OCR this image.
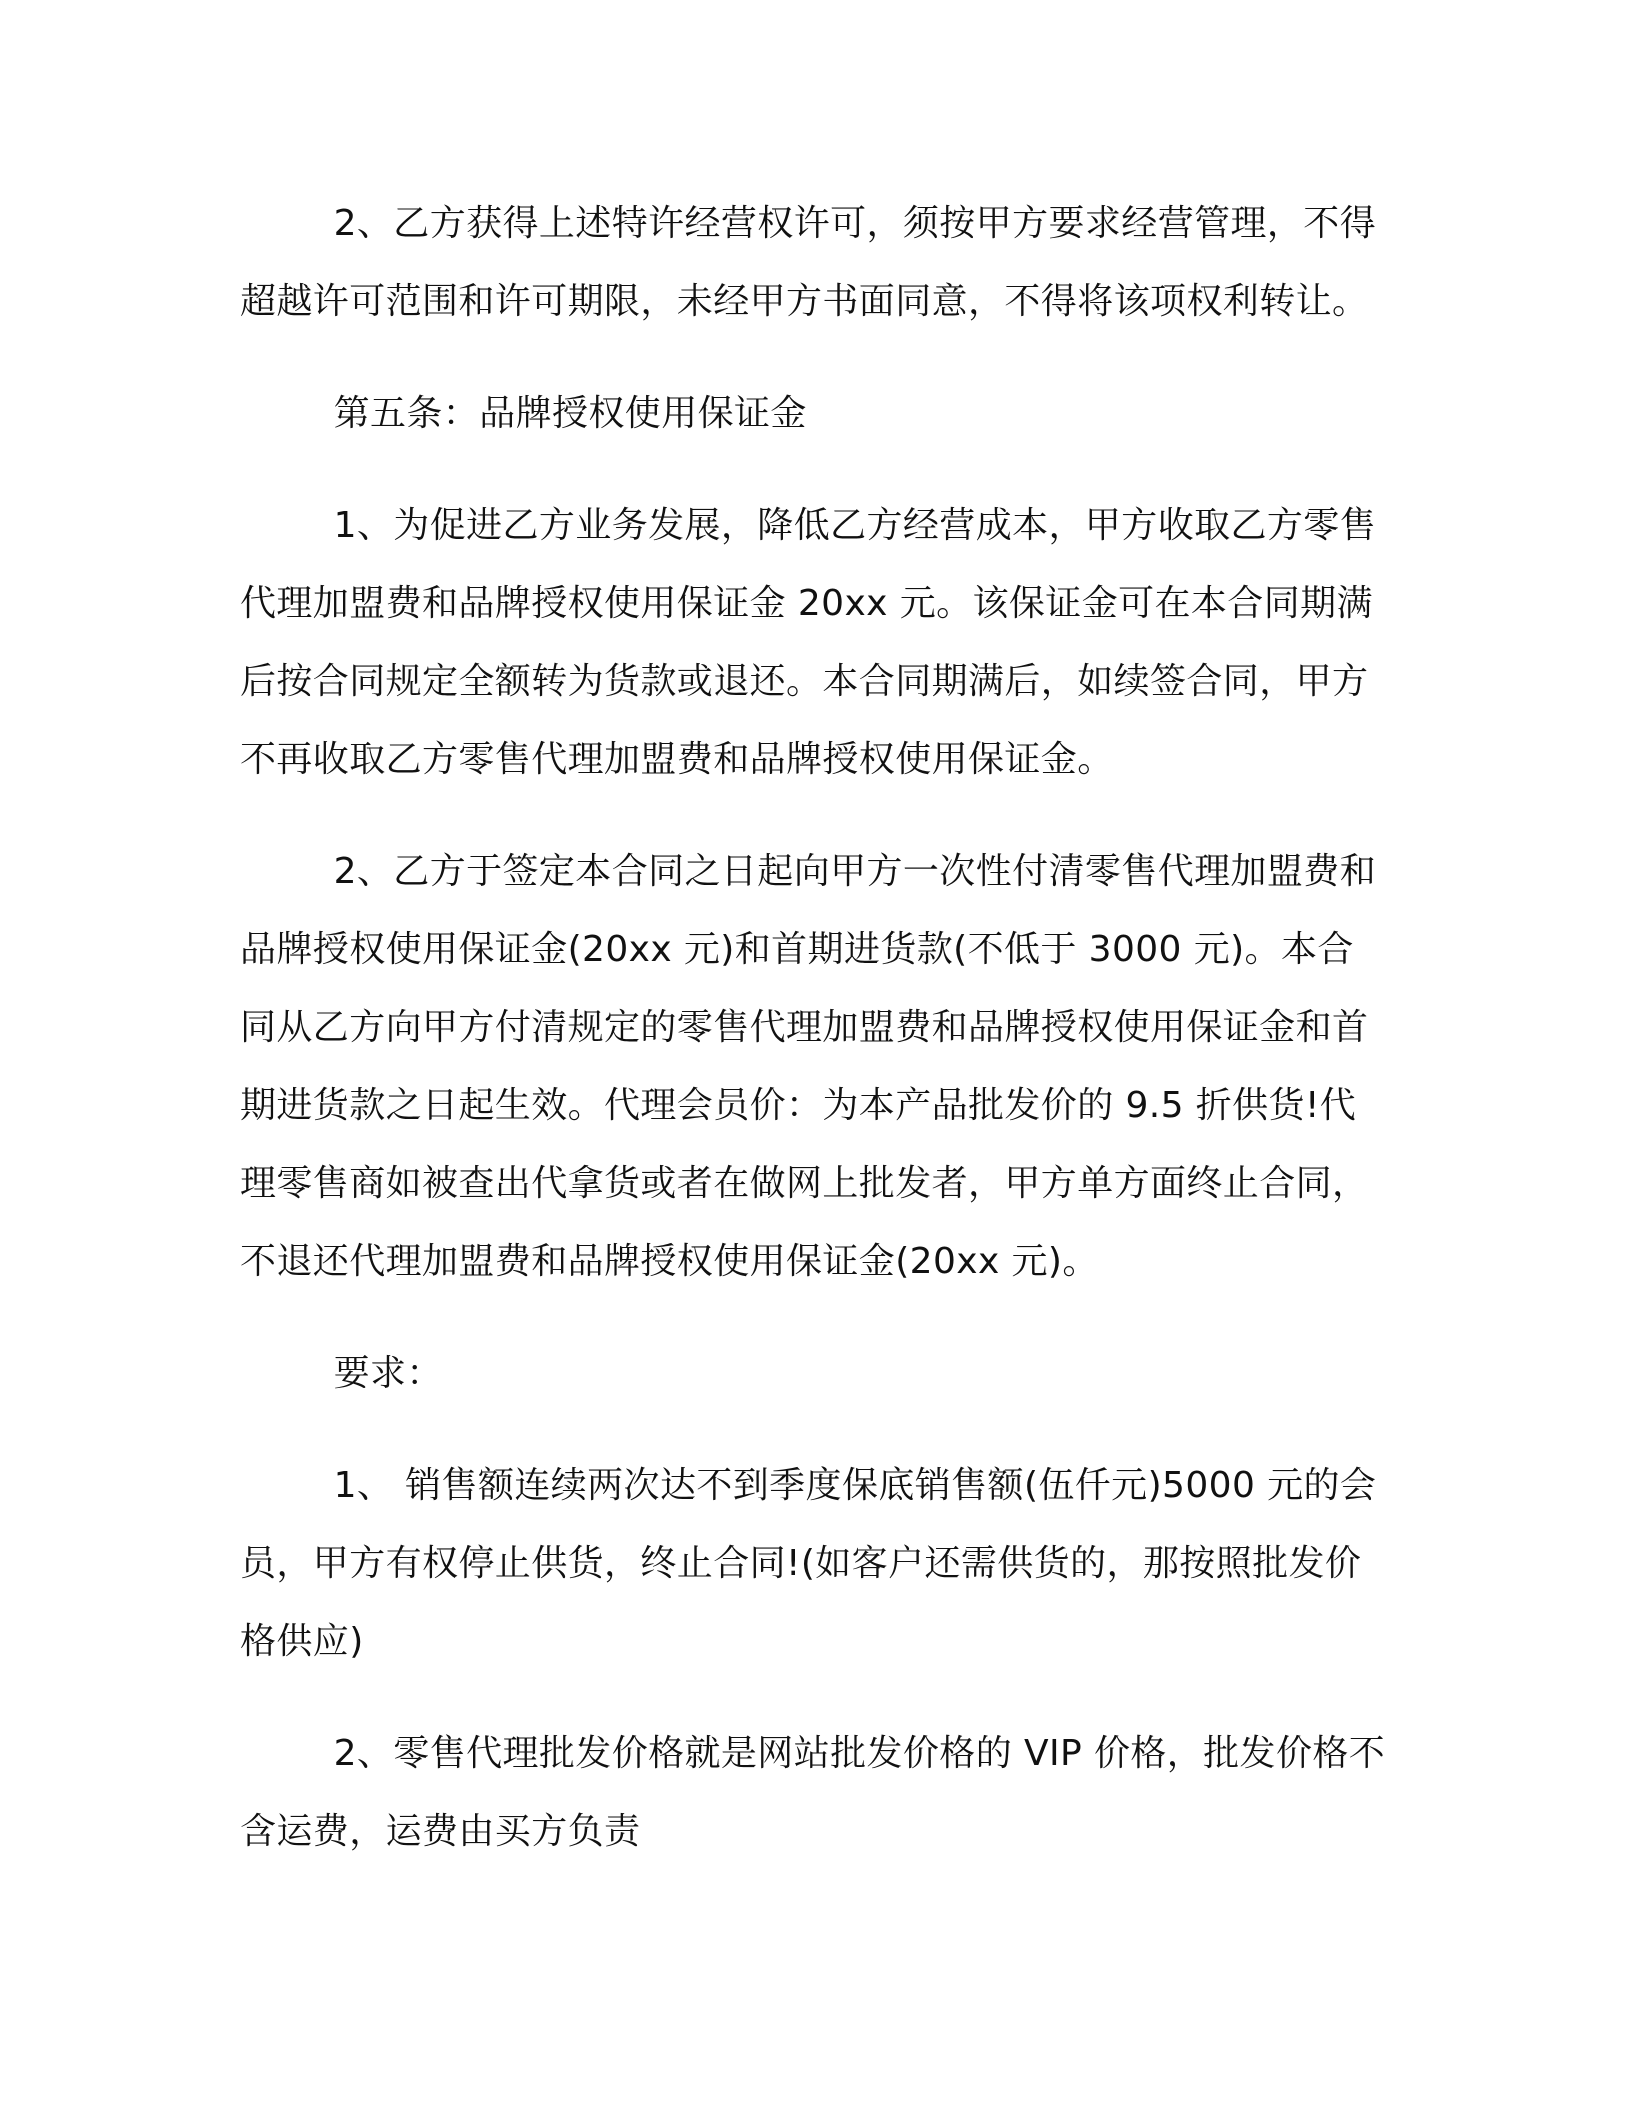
2、乙方获得上述特许经营权许可，须按甲方要求经营管理，不得超越许可范围和许可期限，未经甲方书面同意，不得将该项权利转让。

第五条：品牌授权使用保证金

1、为促进乙方业务发展，降低乙方经营成本，甲方收取乙方零售代理加盟费和品牌授权使用保证金 20xx 元。该保证金可在本合同期满后按合同规定全额转为货款或退还。本合同期满后，如续签合同，甲方不再收取乙方零售代理加盟费和品牌授权使用保证金。

2、乙方于签定本合同之日起向甲方一次性付清零售代理加盟费和品牌授权使用保证金(20xx 元)和首期进货款(不低于 3000 元)。本合同从乙方向甲方付清规定的零售代理加盟费和品牌授权使用保证金和首期进货款之日起生效。代理会员价：为本产品批发价的 9.5 折供货!代理零售商如被查出代拿货或者在做网上批发者，甲方单方面终止合同，不退还代理加盟费和品牌授权使用保证金(20xx 元)。

要求：

1、 销售额连续两次达不到季度保底销售额(伍仟元)5000 元的会员，甲方有权停止供货，终止合同!(如客户还需供货的，那按照批发价格供应)

2、零售代理批发价格就是网站批发价格的 VIP 价格，批发价格不含运费，运费由买方负责
